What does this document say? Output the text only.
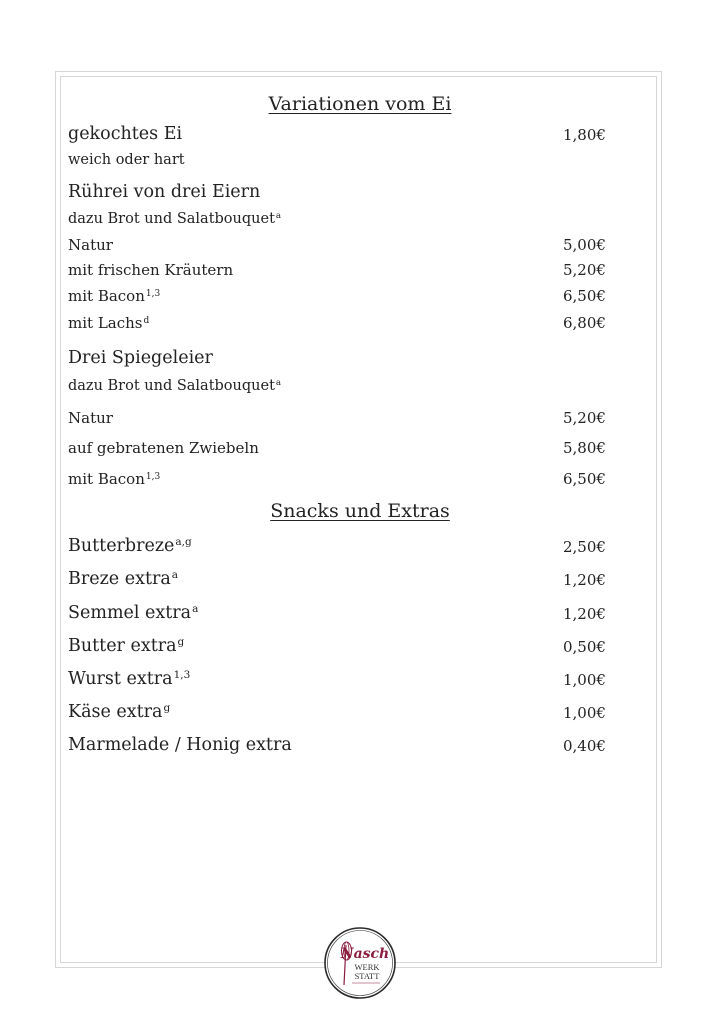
Variationen vom Ei
gekochtes Ei	1,80€
weich oder hart
Rührei von drei Eiern
dazu Brot und Salatbouquet$^a$
Natur	5,00€
mit frischen Kräutern	5,20€
mit Bacon$^{1,3}$	6,50€
mit Lachs$^d$	6,80€
Drei Spiegeleier
dazu Brot und Salatbouquet$^a$
Natur	5,20€
auf gebratenen Zwiebeln	5,80€
mit Bacon$^{1,3}$	6,50€
Snacks und Extras
Butterbreze$^{a,g}$	2,50€
Breze extra$^a$	1,20€
Semmel extra$^a$	1,20€
Butter extra$^g$	0,50€
Wurst extra$^{1,3}$	1,00€
Käse extra$^g$	1,00€
Marmelade / Honig extra	0,40€
Nasch
WERK
STATT
